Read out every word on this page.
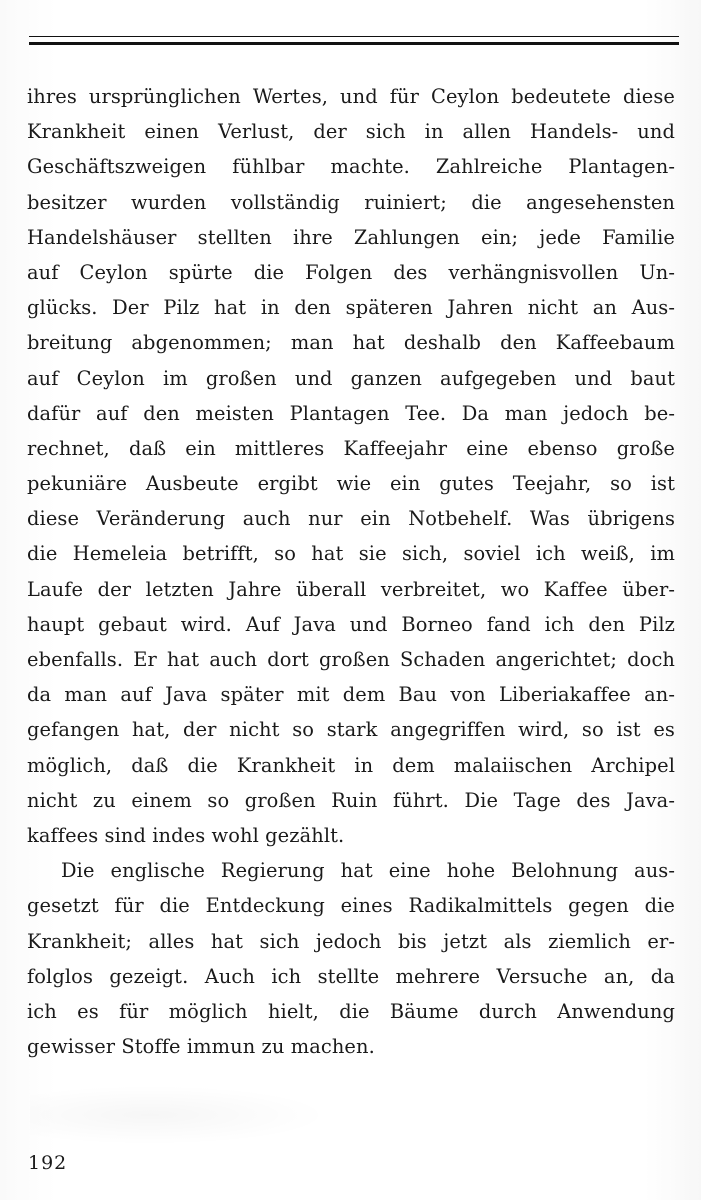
ihres ursprünglichen Wertes, und für Ceylon bedeutete diese
Krankheit einen Verlust, der sich in allen Handels- und
Geschäftszweigen fühlbar machte. Zahlreiche Plantagen-
besitzer wurden vollständig ruiniert; die angesehensten
Handelshäuser stellten ihre Zahlungen ein; jede Familie
auf Ceylon spürte die Folgen des verhängnisvollen Un-
glücks. Der Pilz hat in den späteren Jahren nicht an Aus-
breitung abgenommen; man hat deshalb den Kaffeebaum
auf Ceylon im großen und ganzen aufgegeben und baut
dafür auf den meisten Plantagen Tee. Da man jedoch be-
rechnet, daß ein mittleres Kaffeejahr eine ebenso große
pekuniäre Ausbeute ergibt wie ein gutes Teejahr, so ist
diese Veränderung auch nur ein Notbehelf. Was übrigens
die Hemeleia betrifft, so hat sie sich, soviel ich weiß, im
Laufe der letzten Jahre überall verbreitet, wo Kaffee über-
haupt gebaut wird. Auf Java und Borneo fand ich den Pilz
ebenfalls. Er hat auch dort großen Schaden angerichtet; doch
da man auf Java später mit dem Bau von Liberiakaffee an-
gefangen hat, der nicht so stark angegriffen wird, so ist es
möglich, daß die Krankheit in dem malaiischen Archipel
nicht zu einem so großen Ruin führt. Die Tage des Java-
kaffees sind indes wohl gezählt.
Die englische Regierung hat eine hohe Belohnung aus-
gesetzt für die Entdeckung eines Radikalmittels gegen die
Krankheit; alles hat sich jedoch bis jetzt als ziemlich er-
folglos gezeigt. Auch ich stellte mehrere Versuche an, da
ich es für möglich hielt, die Bäume durch Anwendung
gewisser Stoffe immun zu machen.
192
